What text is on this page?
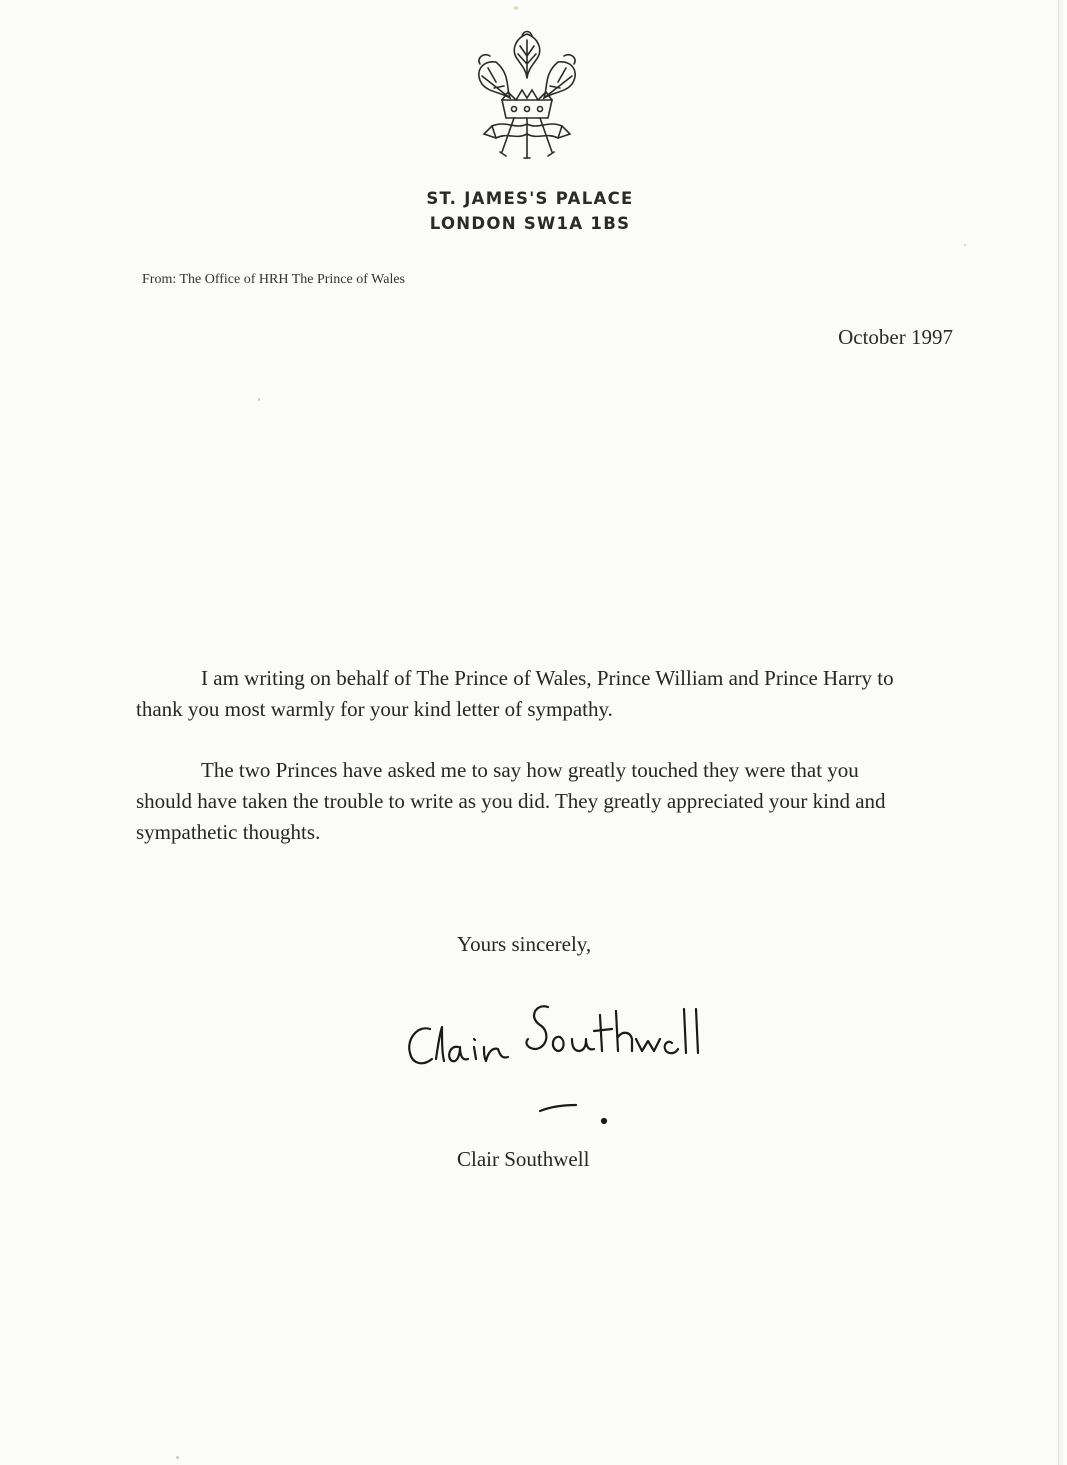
ST. JAMES'S PALACE
LONDON SW1A 1BS
From: The Office of HRH The Prince of Wales
October 1997

I am writing on behalf of The Prince of Wales, Prince William and Prince Harry to thank you most warmly for your kind letter of sympathy.

The two Princes have asked me to say how greatly touched they were that you should have taken the trouble to write as you did. They greatly appreciated your kind and sympathetic thoughts.

Yours sincerely,
Clair Southwell
